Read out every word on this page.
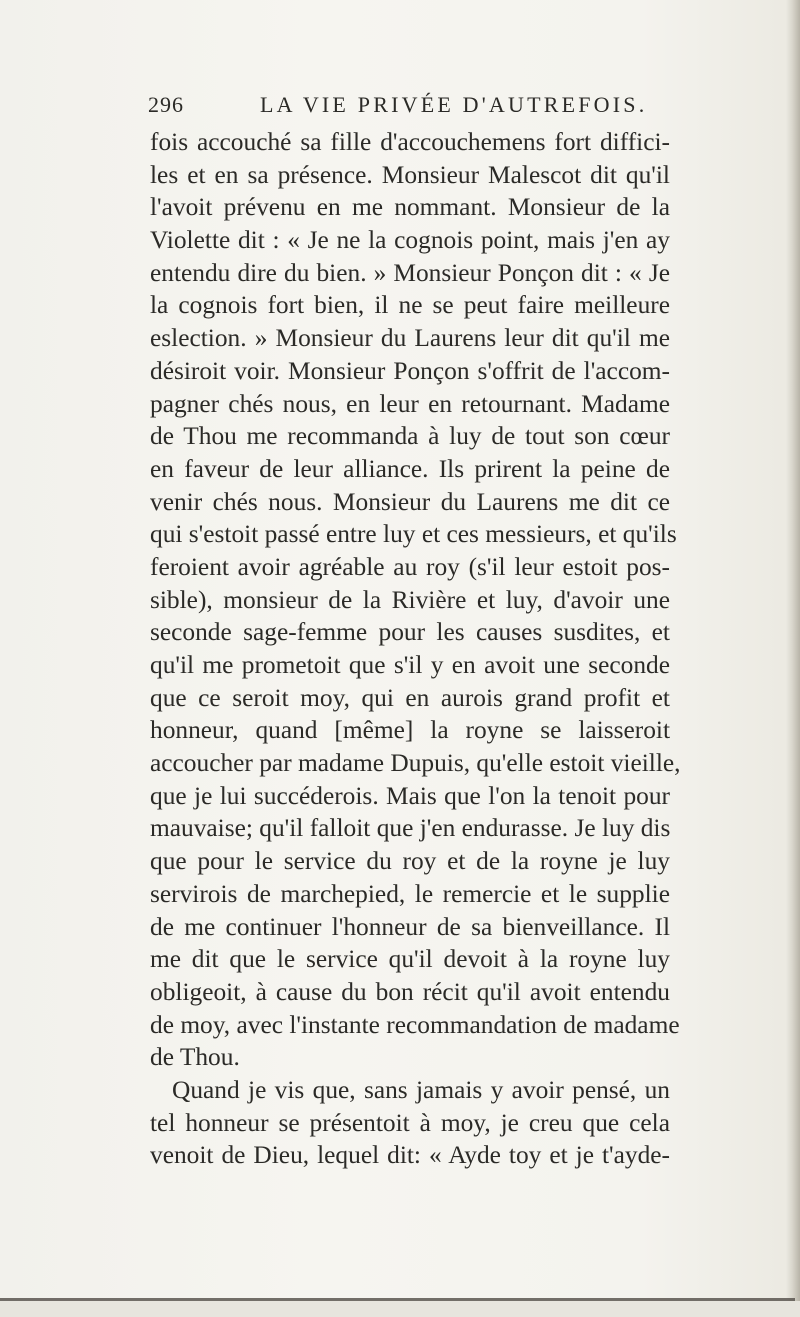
296	LA VIE PRIVÉE D'AUTREFOIS.
fois accouché sa fille d'accouchemens fort diffici-
les et en sa présence. Monsieur Malescot dit qu'il
l'avoit prévenu en me nommant. Monsieur de la
Violette dit : « Je ne la cognois point, mais j'en ay
entendu dire du bien. » Monsieur Ponçon dit : « Je
la cognois fort bien, il ne se peut faire meilleure
eslection. » Monsieur du Laurens leur dit qu'il me
désiroit voir. Monsieur Ponçon s'offrit de l'accom-
pagner chés nous, en leur en retournant. Madame
de Thou me recommanda à luy de tout son cœur
en faveur de leur alliance. Ils prirent la peine de
venir chés nous. Monsieur du Laurens me dit ce
qui s'estoit passé entre luy et ces messieurs, et qu'ils
feroient avoir agréable au roy (s'il leur estoit pos-
sible), monsieur de la Rivière et luy, d'avoir une
seconde sage-femme pour les causes susdites, et
qu'il me prometoit que s'il y en avoit une seconde
que ce seroit moy, qui en aurois grand profit et
honneur, quand [même] la royne se laisseroit
accoucher par madame Dupuis, qu'elle estoit vieille,
que je lui succéderois. Mais que l'on la tenoit pour
mauvaise; qu'il falloit que j'en endurasse. Je luy dis
que pour le service du roy et de la royne je luy
servirois de marchepied, le remercie et le supplie
de me continuer l'honneur de sa bienveillance. Il
me dit que le service qu'il devoit à la royne luy
obligeoit, à cause du bon récit qu'il avoit entendu
de moy, avec l'instante recommandation de madame
de Thou.
Quand je vis que, sans jamais y avoir pensé, un
tel honneur se présentoit à moy, je creu que cela
venoit de Dieu, lequel dit: « Ayde toy et je t'ayde-
